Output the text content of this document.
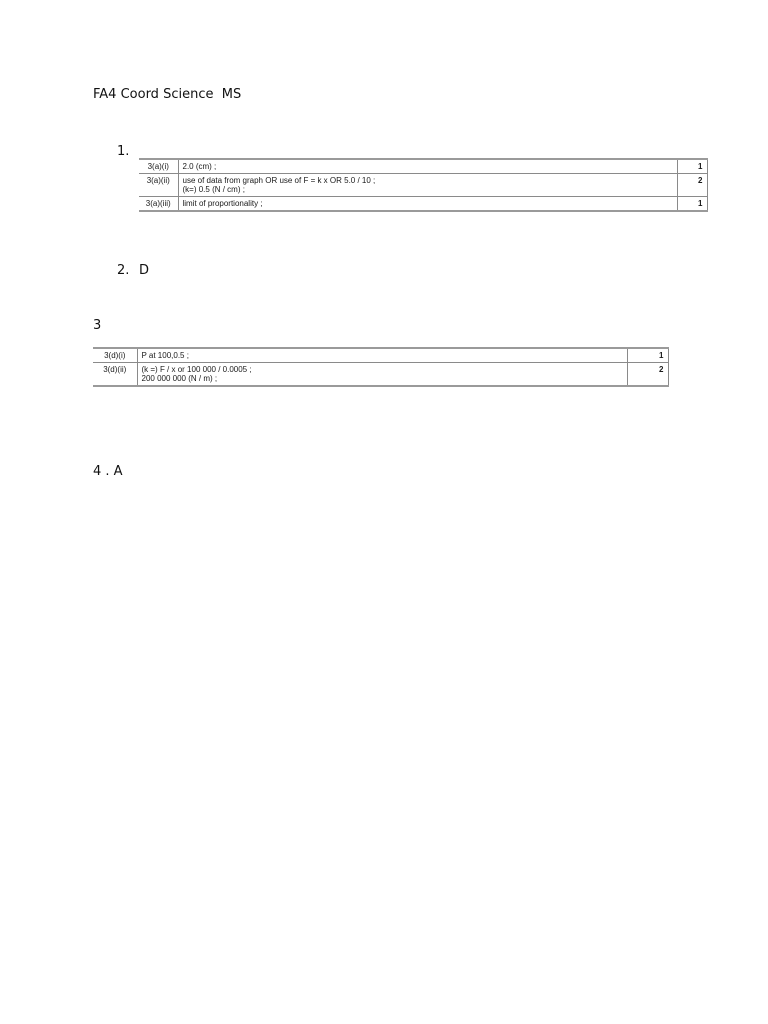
FA4 Coord Science  MS
1.
3(a)(i)	2.0 (cm) ;	1
3(a)(ii)	use of data from graph OR use of F = k x OR 5.0 / 10 ;
(k=) 0.5 (N / cm) ;	2
3(a)(iii)	limit of proportionality ;	1
2. D
3
3(d)(i)	P at 100,0.5 ;	1
3(d)(ii)	(k =) F / x or 100 000 / 0.0005 ;
200 000 000 (N / m) ;	2
4 . A
